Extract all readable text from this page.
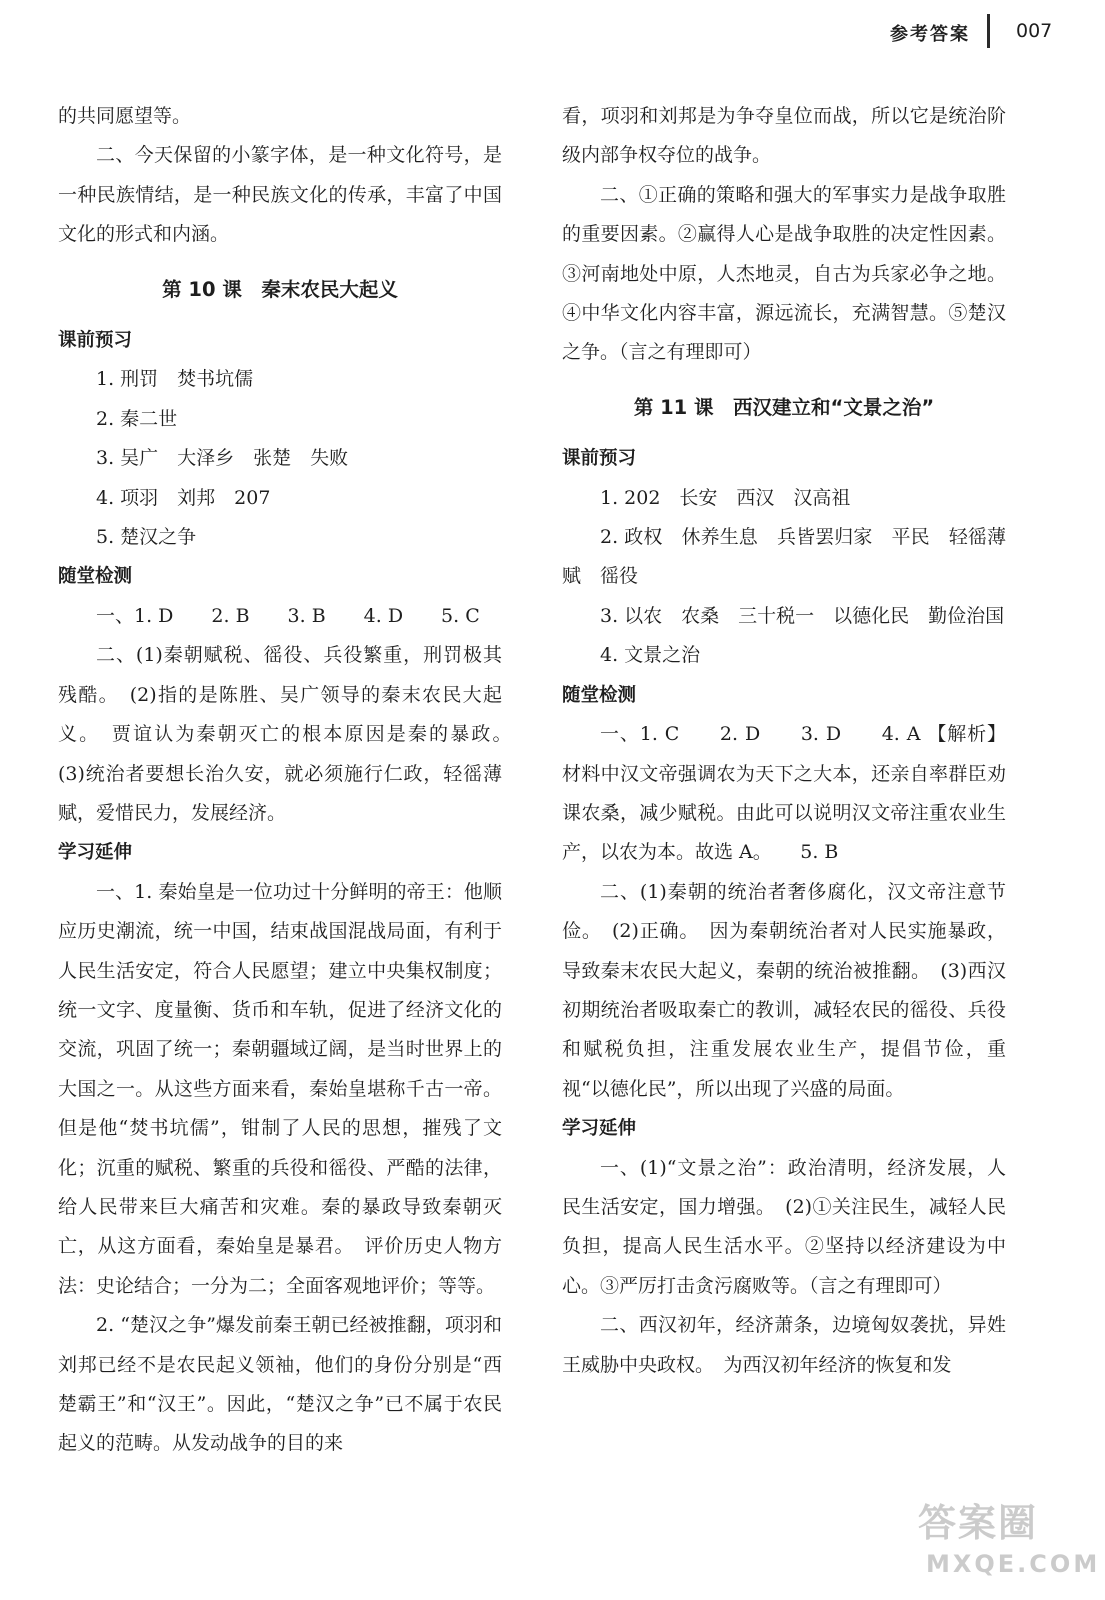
参考答案 007

的共同愿望等。

二、今天保留的小篆字体，是一种文化符号，是一种民族情结，是一种民族文化的传承，丰富了中国文化的形式和内涵。

第 10 课　秦末农民大起义

课前预习

1. 刑罚　焚书坑儒

2. 秦二世

3. 吴广　大泽乡　张楚　失败

4. 项羽　刘邦　207

5. 楚汉之争

随堂检测

一、1. D　　2. B　　3. B　　4. D　　5. C

二、(1)秦朝赋税、徭役、兵役繁重，刑罚极其残酷。　(2)指的是陈胜、吴广领导的秦末农民大起义。　贾谊认为秦朝灭亡的根本原因是秦的暴政。　(3)统治者要想长治久安，就必须施行仁政，轻徭薄赋，爱惜民力，发展经济。

学习延伸

一、1. 秦始皇是一位功过十分鲜明的帝王：他顺应历史潮流，统一中国，结束战国混战局面，有利于人民生活安定，符合人民愿望；建立中央集权制度；统一文字、度量衡、货币和车轨，促进了经济文化的交流，巩固了统一；秦朝疆域辽阔，是当时世界上的大国之一。从这些方面来看，秦始皇堪称千古一帝。但是他“焚书坑儒”，钳制了人民的思想，摧残了文化；沉重的赋税、繁重的兵役和徭役、严酷的法律，给人民带来巨大痛苦和灾难。秦的暴政导致秦朝灭亡，从这方面看，秦始皇是暴君。　评价历史人物方法：史论结合；一分为二；全面客观地评价；等等。

2. “楚汉之争”爆发前秦王朝已经被推翻，项羽和刘邦已经不是农民起义领袖，他们的身份分别是“西楚霸王”和“汉王”。因此，“楚汉之争”已不属于农民起义的范畴。从发动战争的目的来

看，项羽和刘邦是为争夺皇位而战，所以它是统治阶级内部争权夺位的战争。

二、①正确的策略和强大的军事实力是战争取胜的重要因素。②赢得人心是战争取胜的决定性因素。③河南地处中原，人杰地灵，自古为兵家必争之地。④中华文化内容丰富，源远流长，充满智慧。⑤楚汉之争。（言之有理即可）

第 11 课　西汉建立和“文景之治”

课前预习

1. 202　长安　西汉　汉高祖

2. 政权　休养生息　兵皆罢归家　平民　轻徭薄赋　徭役

3. 以农　农桑　三十税一　以德化民　勤俭治国

4. 文景之治

随堂检测

一、1. C　　2. D　　3. D　　4. A 【解析】材料中汉文帝强调农为天下之大本，还亲自率群臣劝课农桑，减少赋税。由此可以说明汉文帝注重农业生产，以农为本。故选 A。　　5. B

二、(1)秦朝的统治者奢侈腐化，汉文帝注意节俭。　(2)正确。　因为秦朝统治者对人民实施暴政，导致秦末农民大起义，秦朝的统治被推翻。　(3)西汉初期统治者吸取秦亡的教训，减轻农民的徭役、兵役和赋税负担，注重发展农业生产，提倡节俭，重视“以德化民”，所以出现了兴盛的局面。

学习延伸

一、(1)“文景之治”：政治清明，经济发展，人民生活安定，国力增强。　(2)①关注民生，减轻人民负担，提高人民生活水平。②坚持以经济建设为中心。③严厉打击贪污腐败等。（言之有理即可）

二、西汉初年，经济萧条，边境匈奴袭扰，异姓王威胁中央政权。　为西汉初年经济的恢复和发

答案圈
MXQE.COM
